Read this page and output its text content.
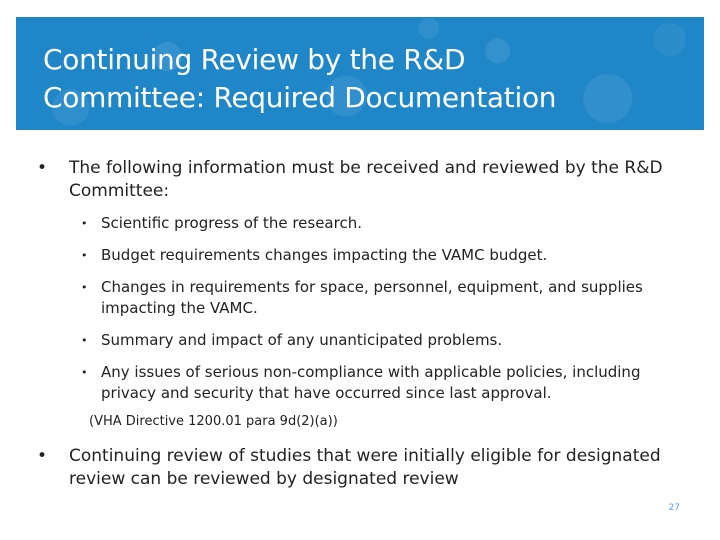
Continuing Review by the R&D
Committee: Required Documentation
• The following information must be received and reviewed by the R&D Committee:
• Scientific progress of the research.
• Budget requirements changes impacting the VAMC budget.
• Changes in requirements for space, personnel, equipment, and supplies impacting the VAMC.
• Summary and impact of any unanticipated problems.
• Any issues of serious non-compliance with applicable policies, including privacy and security that have occurred since last approval.
(VHA Directive 1200.01 para 9d(2)(a))
• Continuing review of studies that were initially eligible for designated review can be reviewed by designated review
27
